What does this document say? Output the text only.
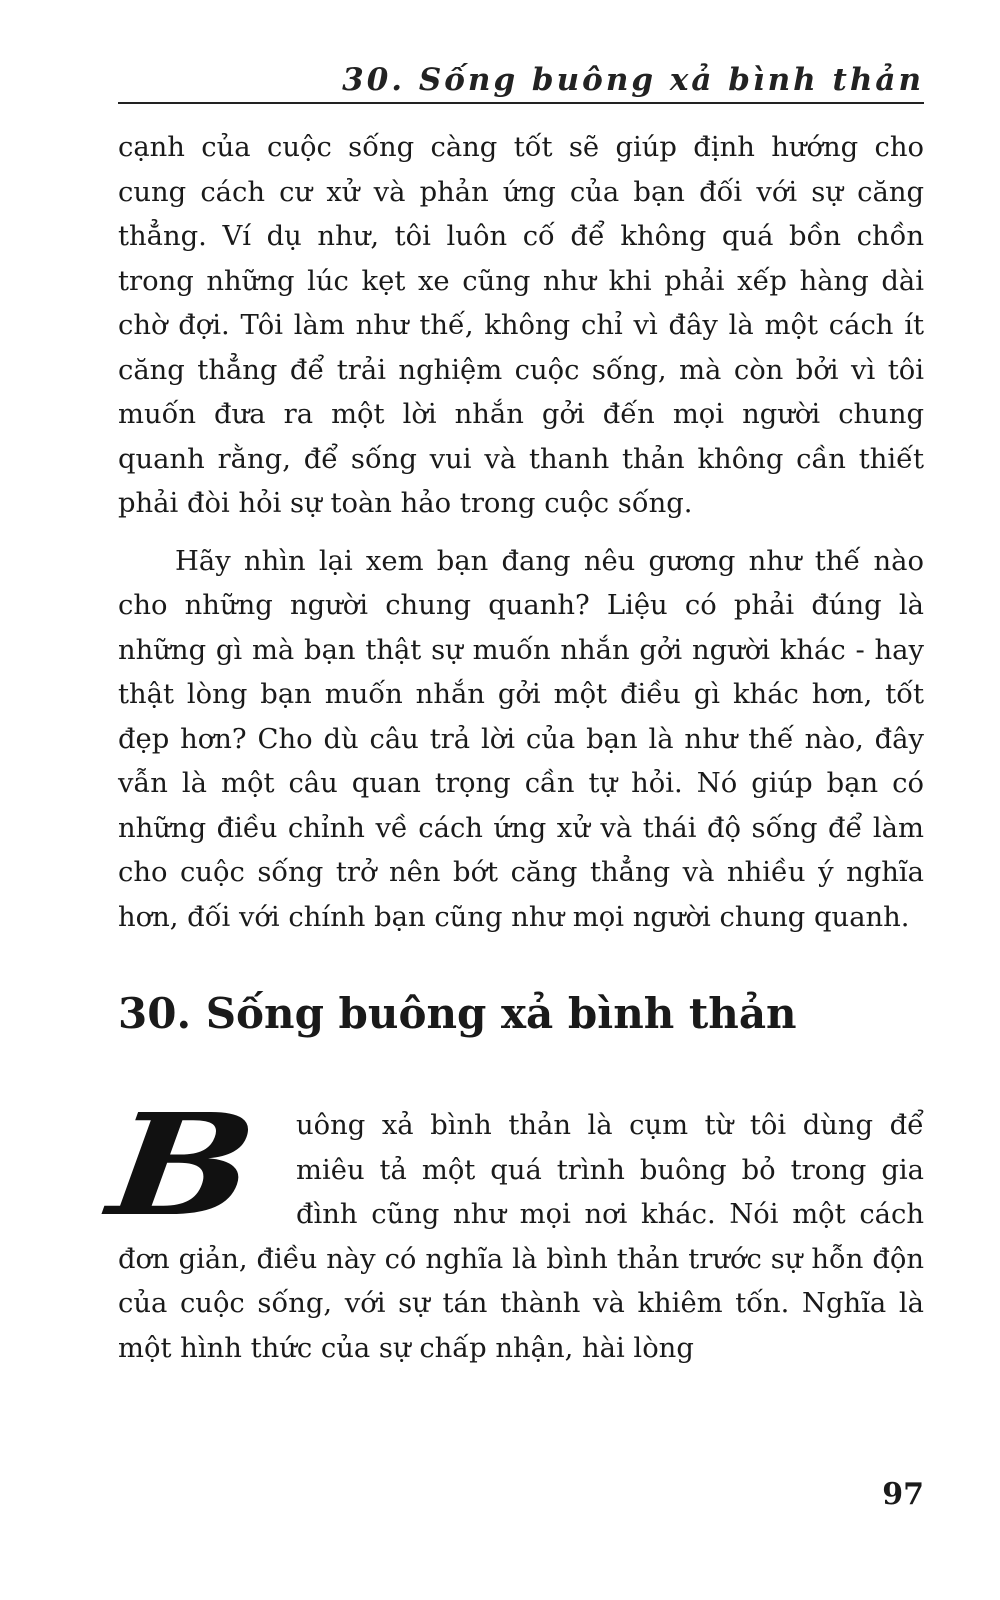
30. Sống buông xả bình thản

cạnh của cuộc sống càng tốt sẽ giúp định hướng cho cung cách cư xử và phản ứng của bạn đối với sự căng thẳng. Ví dụ như, tôi luôn cố để không quá bồn chồn trong những lúc kẹt xe cũng như khi phải xếp hàng dài chờ đợi. Tôi làm như thế, không chỉ vì đây là một cách ít căng thẳng để trải nghiệm cuộc sống, mà còn bởi vì tôi muốn đưa ra một lời nhắn gởi đến mọi người chung quanh rằng, để sống vui và thanh thản không cần thiết phải đòi hỏi sự toàn hảo trong cuộc sống.

Hãy nhìn lại xem bạn đang nêu gương như thế nào cho những người chung quanh? Liệu có phải đúng là những gì mà bạn thật sự muốn nhắn gởi người khác - hay thật lòng bạn muốn nhắn gởi một điều gì khác hơn, tốt đẹp hơn? Cho dù câu trả lời của bạn là như thế nào, đây vẫn là một câu quan trọng cần tự hỏi. Nó giúp bạn có những điều chỉnh về cách ứng xử và thái độ sống để làm cho cuộc sống trở nên bớt căng thẳng và nhiều ý nghĩa hơn, đối với chính bạn cũng như mọi người chung quanh.

30. Sống buông xả bình thản

B	uông xả bình thản là cụm từ tôi dùng để miêu tả một quá trình buông bỏ trong gia đình cũng như mọi nơi khác. Nói một cách đơn giản, điều này có nghĩa là bình thản trước sự hỗn độn của cuộc sống, với sự tán thành và khiêm tốn. Nghĩa là một hình thức của sự chấp nhận, hài lòng

97
